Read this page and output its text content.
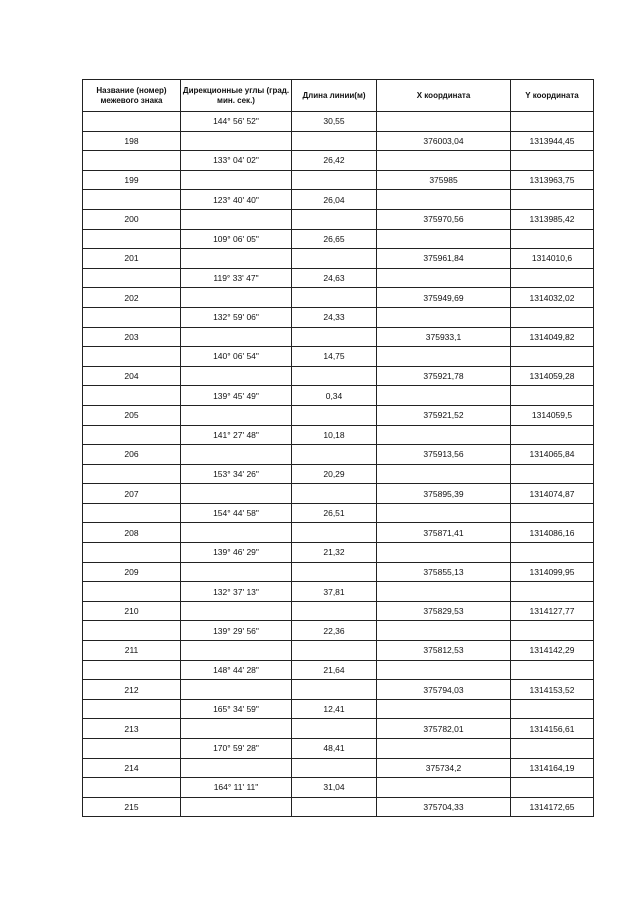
Название (номер) межевого знака	Дирекционные углы (град. мин. сек.)	Длина линии(м)	X координата	Y координата
	144° 56' 52"	30,55		
198			376003,04	1313944,45
	133° 04' 02"	26,42		
199			375985	1313963,75
	123° 40' 40"	26,04		
200			375970,56	1313985,42
	109° 06' 05"	26,65		
201			375961,84	1314010,6
	119° 33' 47"	24,63		
202			375949,69	1314032,02
	132° 59' 06"	24,33		
203			375933,1	1314049,82
	140° 06' 54"	14,75		
204			375921,78	1314059,28
	139° 45' 49"	0,34		
205			375921,52	1314059,5
	141° 27' 48"	10,18		
206			375913,56	1314065,84
	153° 34' 26"	20,29		
207			375895,39	1314074,87
	154° 44' 58"	26,51		
208			375871,41	1314086,16
	139° 46' 29"	21,32		
209			375855,13	1314099,95
	132° 37' 13"	37,81		
210			375829,53	1314127,77
	139° 29' 56"	22,36		
211			375812,53	1314142,29
	148° 44' 28"	21,64		
212			375794,03	1314153,52
	165° 34' 59"	12,41		
213			375782,01	1314156,61
	170° 59' 28"	48,41		
214			375734,2	1314164,19
	164° 11' 11"	31,04		
215			375704,33	1314172,65
